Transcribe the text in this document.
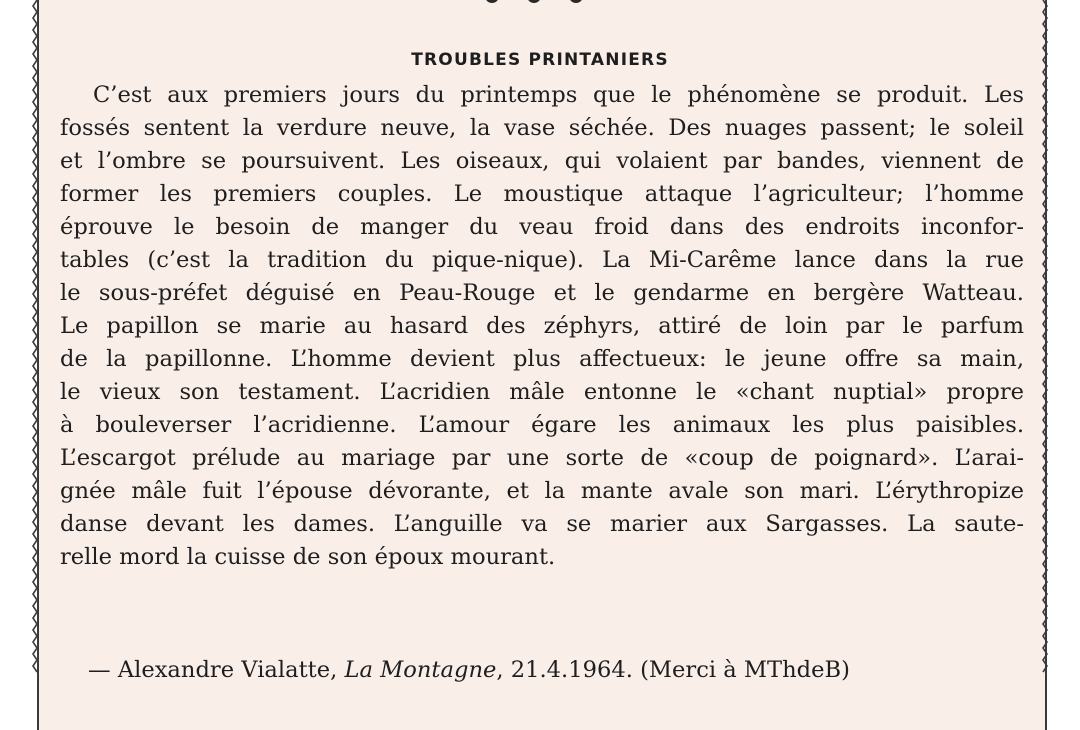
TROUBLES PRINTANIERS
C’est aux premiers jours du printemps que le phénomène se produit. Les
fossés sentent la verdure neuve, la vase séchée. Des nuages passent; le soleil
et l’ombre se poursuivent. Les oiseaux, qui volaient par bandes, viennent de
former les premiers couples. Le moustique attaque l’agriculteur; l’homme
éprouve le besoin de manger du veau froid dans des endroits inconfor-
tables (c’est la tradition du pique-nique). La Mi-Carême lance dans la rue
le sous-préfet déguisé en Peau-Rouge et le gendarme en bergère Watteau.
Le papillon se marie au hasard des zéphyrs, attiré de loin par le parfum
de la papillonne. L’homme devient plus affectueux: le jeune offre sa main,
le vieux son testament. L’acridien mâle entonne le «chant nuptial» propre
à bouleverser l’acridienne. L’amour égare les animaux les plus paisibles.
L’escargot prélude au mariage par une sorte de «coup de poignard». L’arai-
gnée mâle fuit l’épouse dévorante, et la mante avale son mari. L’érythropize
danse devant les dames. L’anguille va se marier aux Sargasses. La saute-
relle mord la cuisse de son époux mourant.
— Alexandre Vialatte, La Montagne, 21.4.1964. (Merci à MThdeB)
